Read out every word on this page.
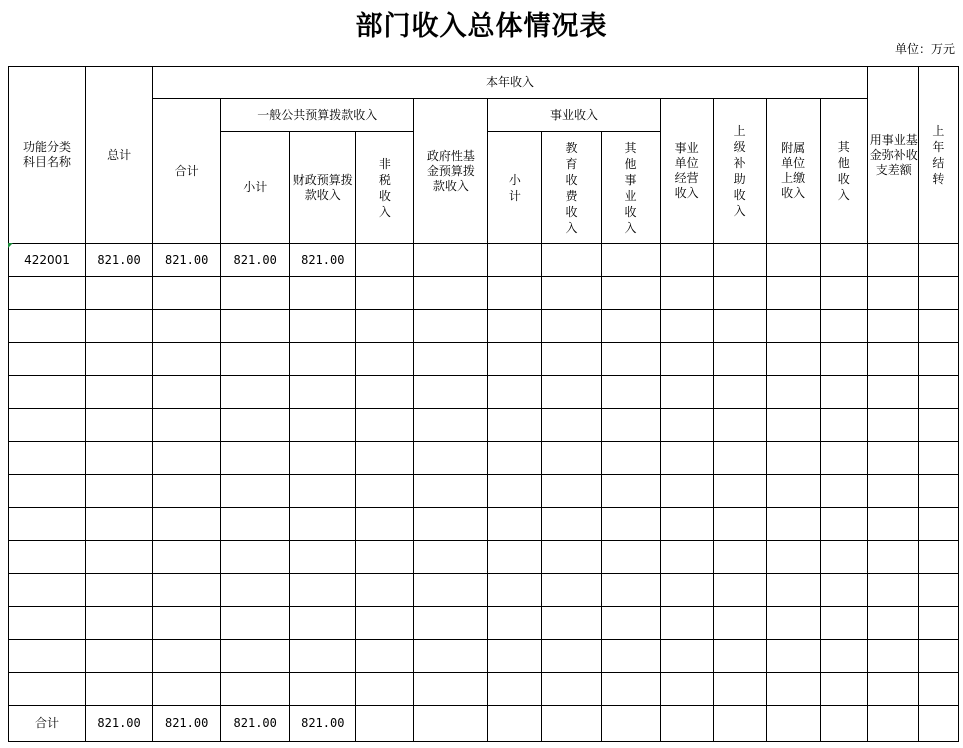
部门收入总体情况表
单位：万元
功能分类科目名称	总计	本年收入												用事业基金弥补收支差额	上年结转
		合计	一般公共预算拨款收入			政府性基金预算拨款收入	事业收入			事业单位经营收入	上级补助收入	附属单位上缴收入	其他收入		
			小计	财政预算拨款收入	非税收入		小计	教育收费收入	其他事业收入						

422001	821.00	821.00	821.00	821.00											

合计	821.00	821.00	821.00	821.00											
